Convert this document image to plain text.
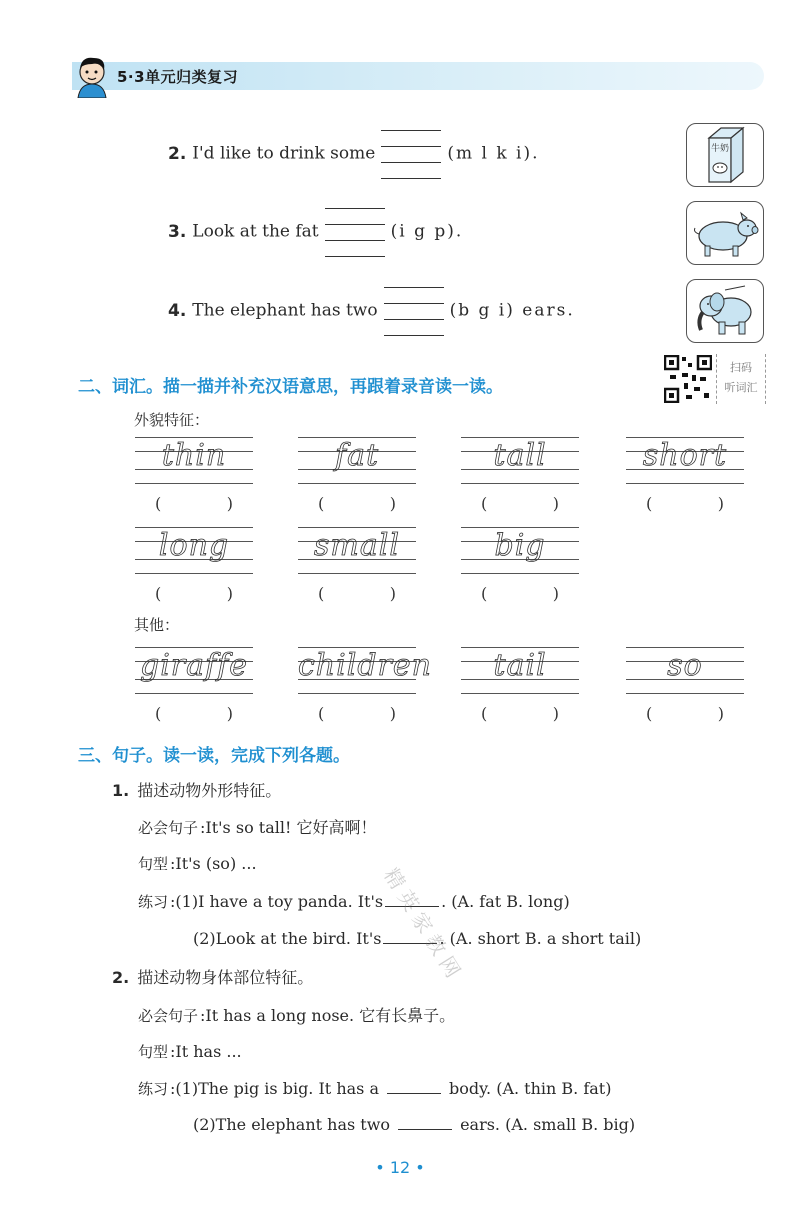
5·3单元归类复习
2. I'd like to drink some	(m l k i).
3. Look at the fat	(i g p).
4. The elephant has two	(b g i) ears.
牛奶
二、词汇。描一描并补充汉语意思，再跟着录音读一读。
扫码
听词汇
外貌特征：
thin
(	)
fat
(	)
tall
(	)
short
(	)
long
(	)
small
(	)
big
(	)
其他：
giraffe
(	)
children
(	)
tail
(	)
so
(	)
三、句子。读一读，完成下列各题。
1. 描述动物外形特征。
必会句子 :It's so tall! 它好高啊！
句型 :It's (so) ...
练习 :(1)I have a toy panda. It's	. (A. fat B. long)
(2)Look at the bird. It's	. (A. short B. a short tail)
2. 描述动物身体部位特征。
必会句子 :It has a long nose. 它有长鼻子。
句型 :It has ...
练习 :(1)The pig is big. It has a	body. (A. thin B. fat)
(2)The elephant has two	ears. (A. small B. big)
精英家教网
• 12 •
